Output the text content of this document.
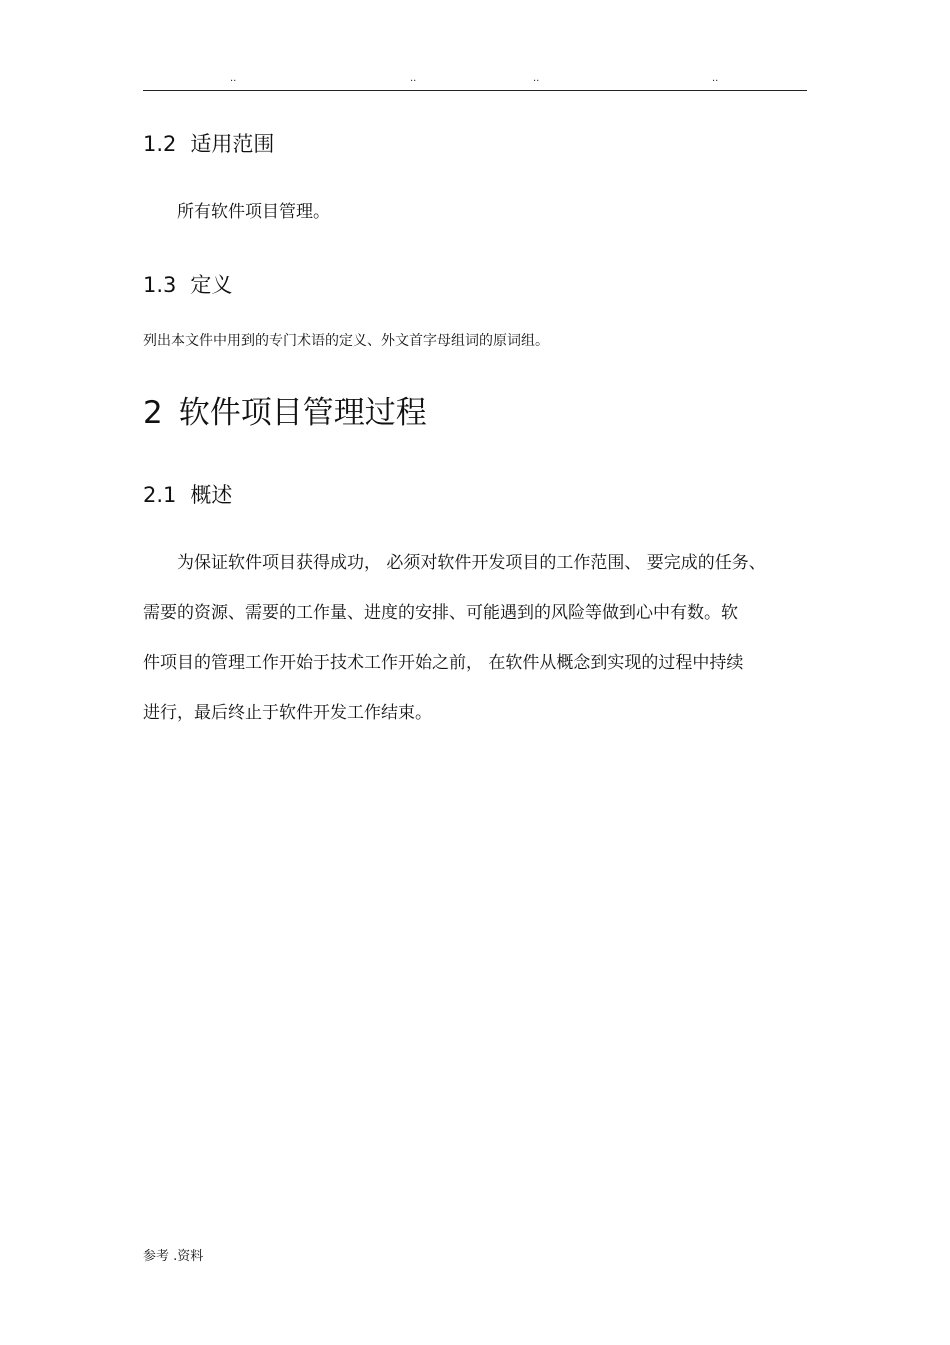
..	..	..	..
1.2 适用范围
所有软件项目管理。
1.3 定义
列出本文件中用到的专门术语的定义、外文首字母组词的原词组。
2 软件项目管理过程
2.1 概述
为保证软件项目获得成功， 必须对软件开发项目的工作范围、 要完成的任务、
需要的资源、需要的工作量、进度的安排、可能遇到的风险等做到心中有数。软
件项目的管理工作开始于技术工作开始之前， 在软件从概念到实现的过程中持续
进行，最后终止于软件开发工作结束。
参考 .资料
